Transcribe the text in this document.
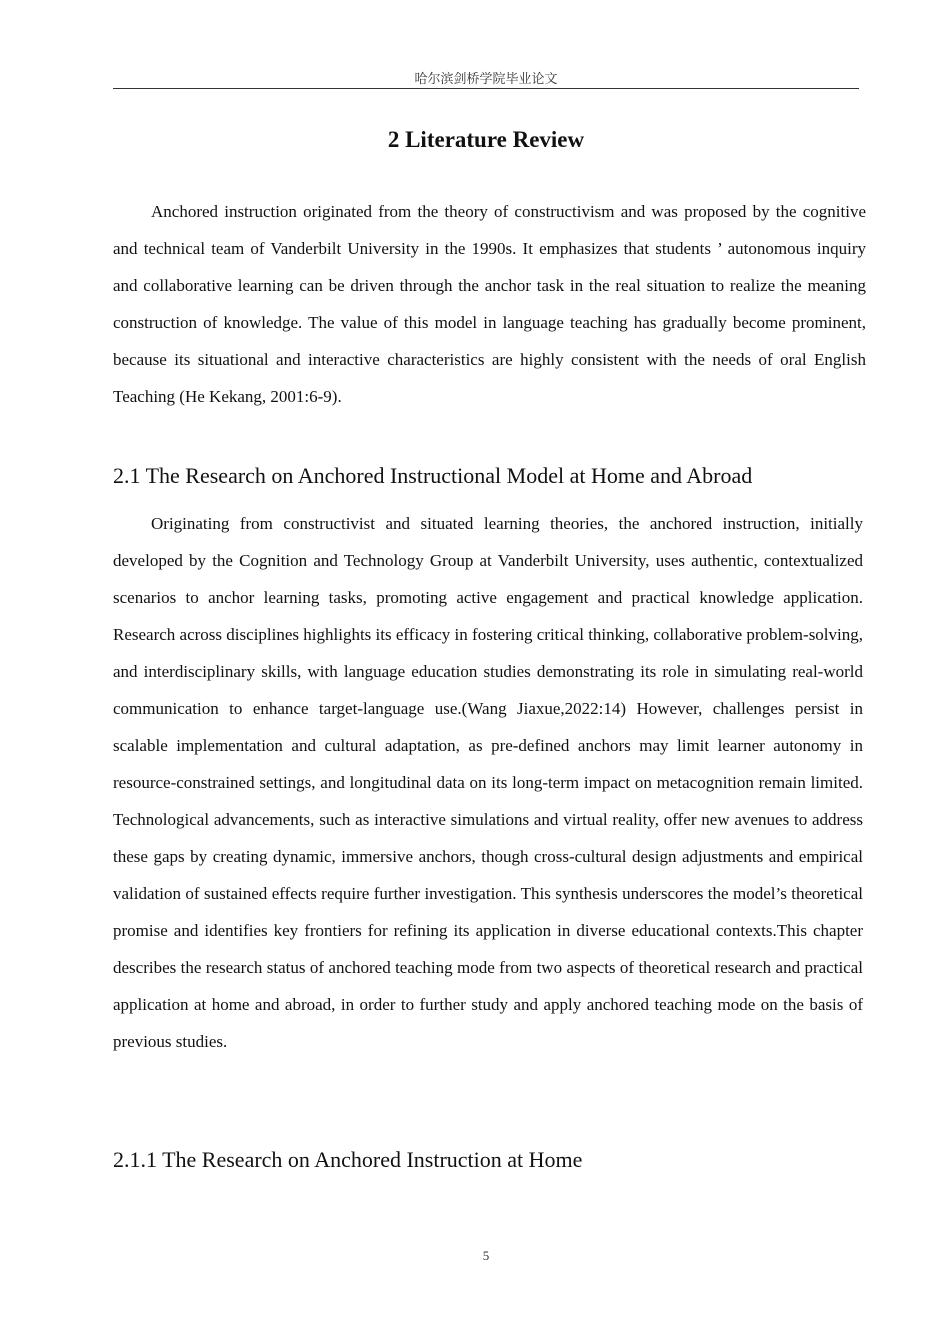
哈尔滨剑桥学院毕业论文
2 Literature Review

Anchored instruction originated from the theory of constructivism and was proposed by the cognitive and technical team of Vanderbilt University in the 1990s. It emphasizes that students ’ autonomous inquiry and collaborative learning can be driven through the anchor task in the real situation to realize the meaning construction of knowledge. The value of this model in language teaching has gradually become prominent, because its situational and interactive characteristics are highly consistent with the needs of oral English Teaching (He Kekang, 2001:6-9).

2.1 The Research on Anchored Instructional Model at Home and Abroad

Originating from constructivist and situated learning theories, the anchored instruction, initially developed by the Cognition and Technology Group at Vanderbilt University, uses authentic, contextualized scenarios to anchor learning tasks, promoting active engagement and practical knowledge application. Research across disciplines highlights its efficacy in fostering critical thinking, collaborative problem-solving, and interdisciplinary skills, with language education studies demonstrating its role in simulating real-world communication to enhance target-language use.(Wang Jiaxue,2022:14) However, challenges persist in scalable implementation and cultural adaptation, as pre-defined anchors may limit learner autonomy in resource-constrained settings, and longitudinal data on its long-term impact on metacognition remain limited. Technological advancements, such as interactive simulations and virtual reality, offer new avenues to address these gaps by creating dynamic, immersive anchors, though cross-cultural design adjustments and empirical validation of sustained effects require further investigation. This synthesis underscores the model’s theoretical promise and identifies key frontiers for refining its application in diverse educational contexts.This chapter describes the research status of anchored teaching mode from two aspects of theoretical research and practical application at home and abroad, in order to further study and apply anchored teaching mode on the basis of previous studies.

2.1.1 The Research on Anchored Instruction at Home
5
